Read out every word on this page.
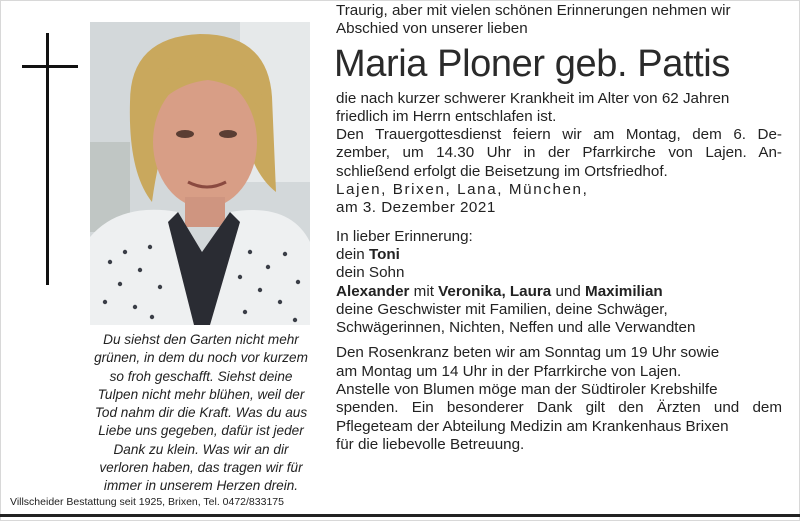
Du siehst den Garten nicht mehr
grünen, in dem du noch vor kurzem
so froh geschafft. Siehst deine
Tulpen nicht mehr blühen, weil der
Tod nahm dir die Kraft. Was du aus
Liebe uns gegeben, dafür ist jeder
Dank zu klein. Was wir an dir
verloren haben, das tragen wir für
immer in unserem Herzen drein.
Villscheider Bestattung seit 1925, Brixen, Tel. 0472/833175
Traurig, aber mit vielen schönen Erinnerungen nehmen wir
Abschied von unserer lieben
Maria Ploner geb. Pattis
die nach kurzer schwerer Krankheit im Alter von 62 Jahren
friedlich im Herrn entschlafen ist.
Den Trauergottesdienst feiern wir am Montag, dem 6. De-
zember, um 14.30 Uhr in der Pfarrkirche von Lajen. An-
schließend erfolgt die Beisetzung im Ortsfriedhof.
Lajen, Brixen, Lana, München,
am 3. Dezember 2021
In lieber Erinnerung:
dein Toni
dein Sohn
Alexander mit Veronika, Laura und Maximilian
deine Geschwister mit Familien, deine Schwäger,
Schwägerinnen, Nichten, Neffen und alle Verwandten
Den Rosenkranz beten wir am Sonntag um 19 Uhr sowie
am Montag um 14 Uhr in der Pfarrkirche von Lajen.
Anstelle von Blumen möge man der Südtiroler Krebshilfe
spenden. Ein besonderer Dank gilt den Ärzten und dem
Pflegeteam der Abteilung Medizin am Krankenhaus Brixen
für die liebevolle Betreuung.
